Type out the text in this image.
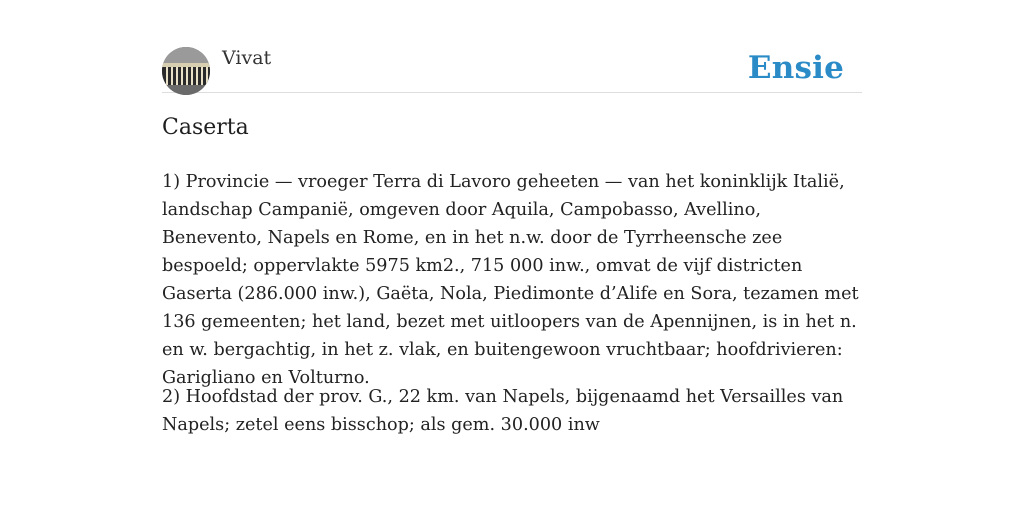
Vivat	Ensie
Caserta

1) Provincie — vroeger Terra di Lavoro geheeten — van het koninklijk Italië, landschap Campanië, omgeven door Aquila, Campobasso, Avellino, Benevento, Napels en Rome, en in het n.w. door de Tyrrheensche zee bespoeld; oppervlakte 5975 km2., 715 000 inw., omvat de vijf districten Gaserta (286.000 inw.), Gaëta, Nola, Piedimonte d’Alife en Sora, tezamen met 136 gemeenten; het land, bezet met uitloopers van de Apennijnen, is in het n. en w. bergachtig, in het z. vlak, en buitengewoon vruchtbaar; hoofdrivieren: Garigliano en Volturno.

2) Hoofdstad der prov. G., 22 km. van Napels, bijgenaamd het Versailles van Napels; zetel eens bisschop; als gem. 30.000 inw
